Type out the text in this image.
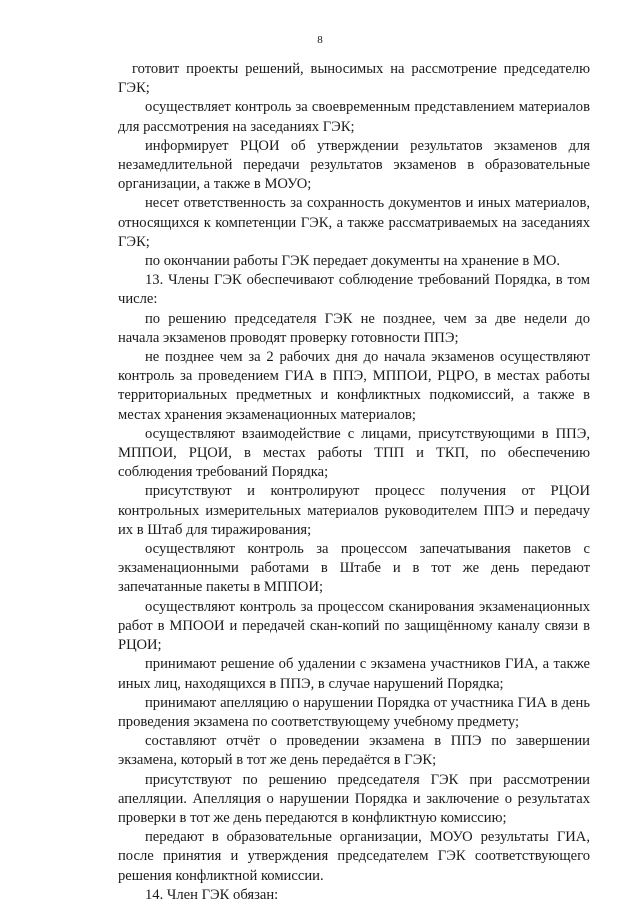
8

готовит проекты решений, выносимых на рассмотрение председателю ГЭК;

осуществляет контроль за своевременным представлением материалов для рассмотрения на заседаниях ГЭК;

информирует РЦОИ об утверждении результатов экзаменов для незамедлительной передачи результатов экзаменов в образовательные организации, а также в МОУО;

несет ответственность за сохранность документов и иных материалов, относящихся к компетенции ГЭК, а также рассматриваемых на заседаниях ГЭК;

по окончании работы ГЭК передает документы на хранение в МО.

13. Члены ГЭК обеспечивают соблюдение требований Порядка, в том числе:

по решению председателя ГЭК не позднее, чем за две недели до начала экзаменов проводят проверку готовности ППЭ;

не позднее чем за 2 рабочих дня до начала экзаменов осуществляют контроль за проведением ГИА в ППЭ, МППОИ, РЦРО, в местах работы территориальных предметных и конфликтных подкомиссий, а также в местах хранения экзаменационных материалов;

осуществляют взаимодействие с лицами, присутствующими в ППЭ, МППОИ, РЦОИ, в местах работы ТПП и ТКП, по обеспечению соблюдения требований Порядка;

присутствуют и контролируют процесс получения от РЦОИ контрольных измерительных материалов руководителем ППЭ и передачу их в Штаб для тиражирования;

осуществляют контроль за процессом запечатывания пакетов с экзаменационными работами в Штабе и в тот же день передают запечатанные пакеты в МППОИ;

осуществляют контроль за процессом сканирования экзаменационных работ в МПООИ и передачей скан-копий по защищённому каналу связи в РЦОИ;

принимают решение об удалении с экзамена участников ГИА, а также иных лиц, находящихся в ППЭ, в случае нарушений Порядка;

принимают апелляцию о нарушении Порядка от участника ГИА в день проведения экзамена по соответствующему учебному предмету;

составляют отчёт о проведении экзамена в ППЭ по завершении экзамена, который в тот же день передаётся в ГЭК;

присутствуют по решению председателя ГЭК при рассмотрении апелляции. Апелляция о нарушении Порядка и заключение о результатах проверки в тот же день передаются в конфликтную комиссию;

передают в образовательные организации, МОУО результаты ГИА, после принятия и утверждения председателем ГЭК соответствующего решения конфликтной комиссии.

14. Член ГЭК обязан:
